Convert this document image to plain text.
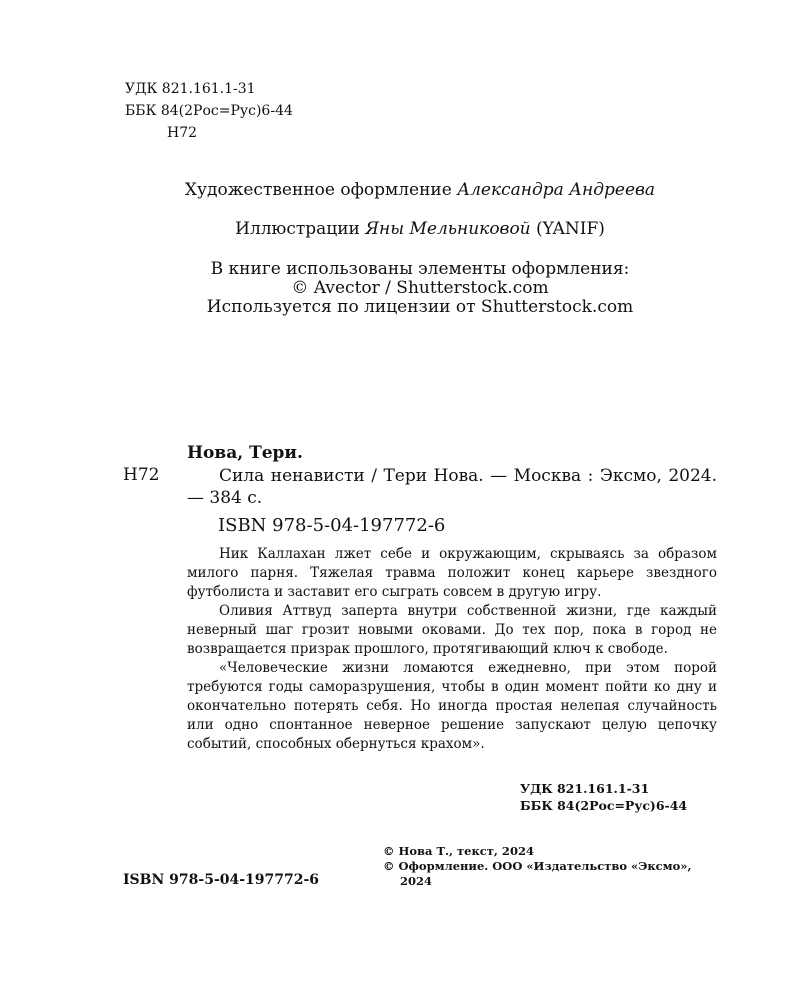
УДК 821.161.1-31
ББК 84(2Рос=Рус)6-44
Н72
Художественное оформление Александра Андреева
Иллюстрации Яны Мельниковой (YANIF)
В книге использованы элементы оформления:
© Avector / Shutterstock.com
Используется по лицензии от Shutterstock.com
Нова, Тери.
Н72	Сила ненависти / Тери Нова. — Москва : Эксмо, 2024. — 384 с.
ISBN 978-5-04-197772-6

Ник Каллахан лжет себе и окружающим, скрываясь за образом милого парня. Тяжелая травма положит конец карьере звездного футболиста и заставит его сыграть совсем в другую игру.

Оливия Аттвуд заперта внутри собственной жизни, где каждый неверный шаг грозит новыми оковами. До тех пор, пока в город не возвращается призрак прошлого, протягивающий ключ к свободе.

«Человеческие жизни ломаются ежедневно, при этом порой требуются годы саморазрушения, чтобы в один момент пойти ко дну и окончательно потерять себя. Но иногда простая нелепая случайность или одно спонтанное неверное решение запускают целую цепочку событий, способных обернуться крахом».

УДК 821.161.1-31
ББК 84(2Рос=Рус)6-44
© Нова Т., текст, 2024
© Оформление. ООО «Издательство «Эксмо»,
2024
ISBN 978-5-04-197772-6
